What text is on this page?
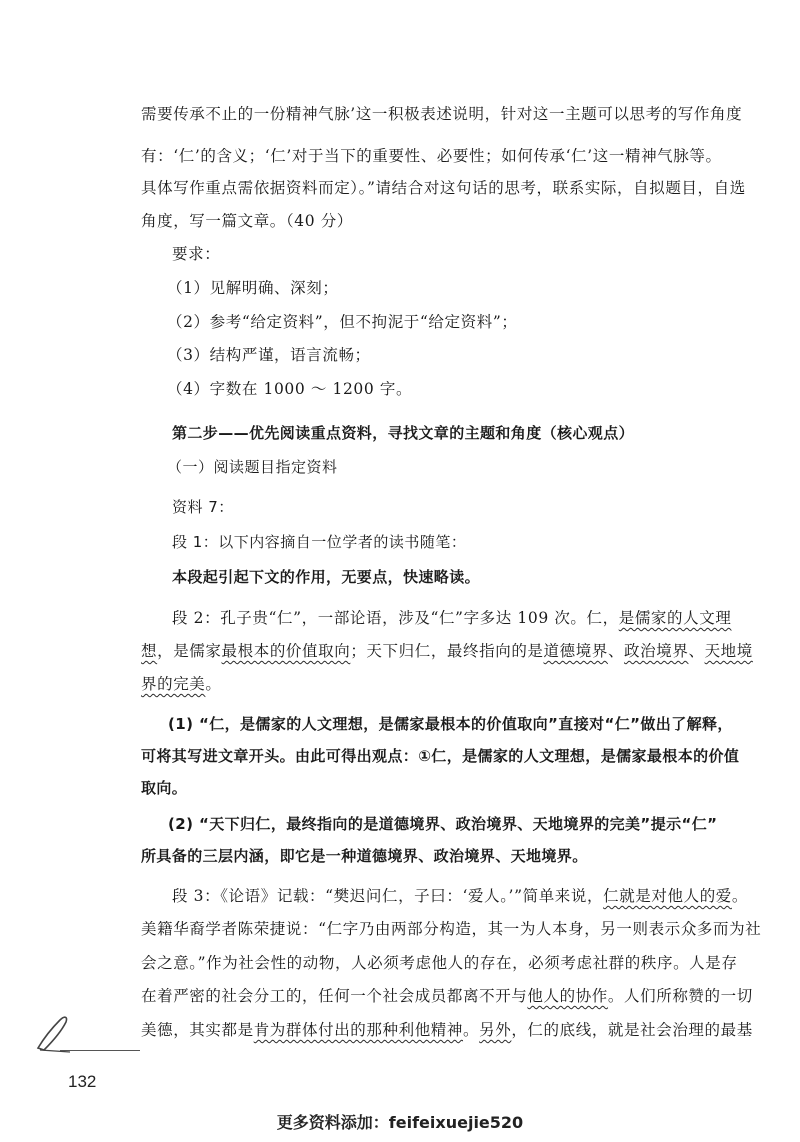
需要传承不止的一份精神气脉’这一积极表述说明，针对这一主题可以思考的写作角度
有：‘仁’的含义；‘仁’对于当下的重要性、必要性；如何传承‘仁’这一精神气脉等。
具体写作重点需依据资料而定）。”请结合对这句话的思考，联系实际，自拟题目，自选
角度，写一篇文章。（40 分）
要求：
（1）见解明确、深刻；
（2）参考“给定资料”，但不拘泥于“给定资料”；
（3）结构严谨，语言流畅；
（4）字数在 1000 ～ 1200 字。
第二步——优先阅读重点资料，寻找文章的主题和角度（核心观点）
（一）阅读题目指定资料
资料 7：
段 1：以下内容摘自一位学者的读书随笔：
本段起引起下文的作用，无要点，快速略读。
段 2：孔子贵“仁”，一部论语，涉及“仁”字多达 109 次。仁，是儒家的人文理
想，是儒家最根本的价值取向；天下归仁，最终指向的是道德境界、政治境界、天地境
界的完美。
(1) “仁，是儒家的人文理想，是儒家最根本的价值取向”直接对“仁”做出了解释，
可将其写进文章开头。由此可得出观点：①仁，是儒家的人文理想，是儒家最根本的价值
取向。
(2) “天下归仁，最终指向的是道德境界、政治境界、天地境界的完美”提示“仁”
所具备的三层内涵，即它是一种道德境界、政治境界、天地境界。
段 3：《论语》记载：“樊迟问仁，子曰：‘爱人。’”简单来说，仁就是对他人的爱。
美籍华裔学者陈荣捷说：“仁字乃由两部分构造，其一为人本身，另一则表示众多而为社
会之意。”作为社会性的动物，人必须考虑他人的存在，必须考虑社群的秩序。人是存
在着严密的社会分工的，任何一个社会成员都离不开与他人的协作。人们所称赞的一切
美德，其实都是肯为群体付出的那种利他精神。另外，仁的底线，就是社会治理的最基
132
更多资料添加：feifeixuejie520
